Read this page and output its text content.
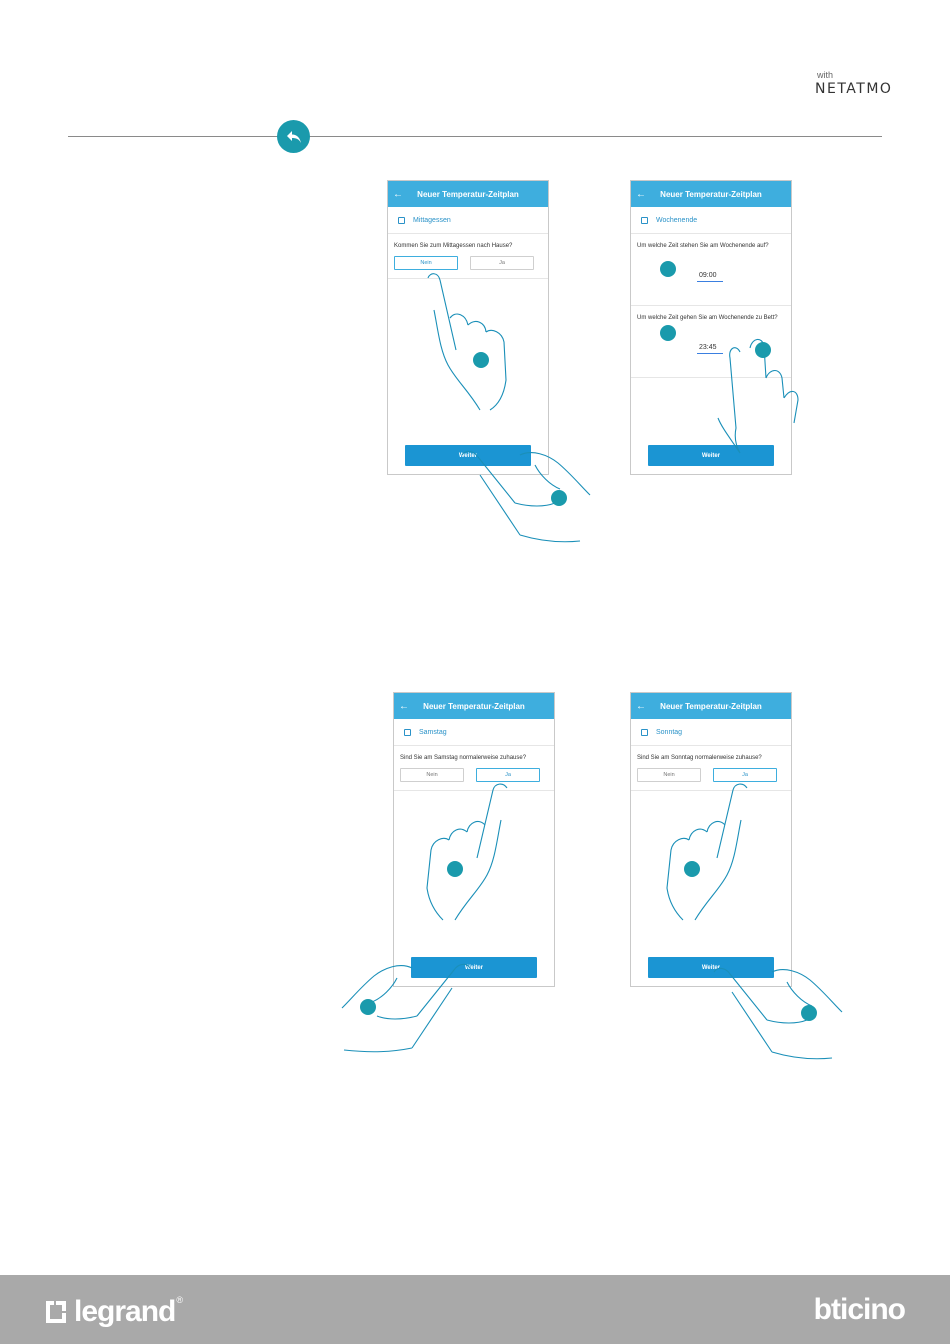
with
NETATMO
←	Neuer Temperatur-Zeitplan
Mittagessen
Kommen Sie zum Mittagessen nach Hause?
Nein	Ja
Weiter
←	Neuer Temperatur-Zeitplan
Wochenende
Um welche Zeit stehen Sie am Wochenende auf?
09:00
Um welche Zeit gehen Sie am Wochenende zu Bett?
23:45
Weiter
←	Neuer Temperatur-Zeitplan
Samstag
Sind Sie am Samstag normalerweise zuhause?
Nein	Ja
Weiter
←	Neuer Temperatur-Zeitplan
Sonntag
Sind Sie am Sonntag normalerweise zuhause?
Nein	Ja
Weiter
legrand ®	bticino
